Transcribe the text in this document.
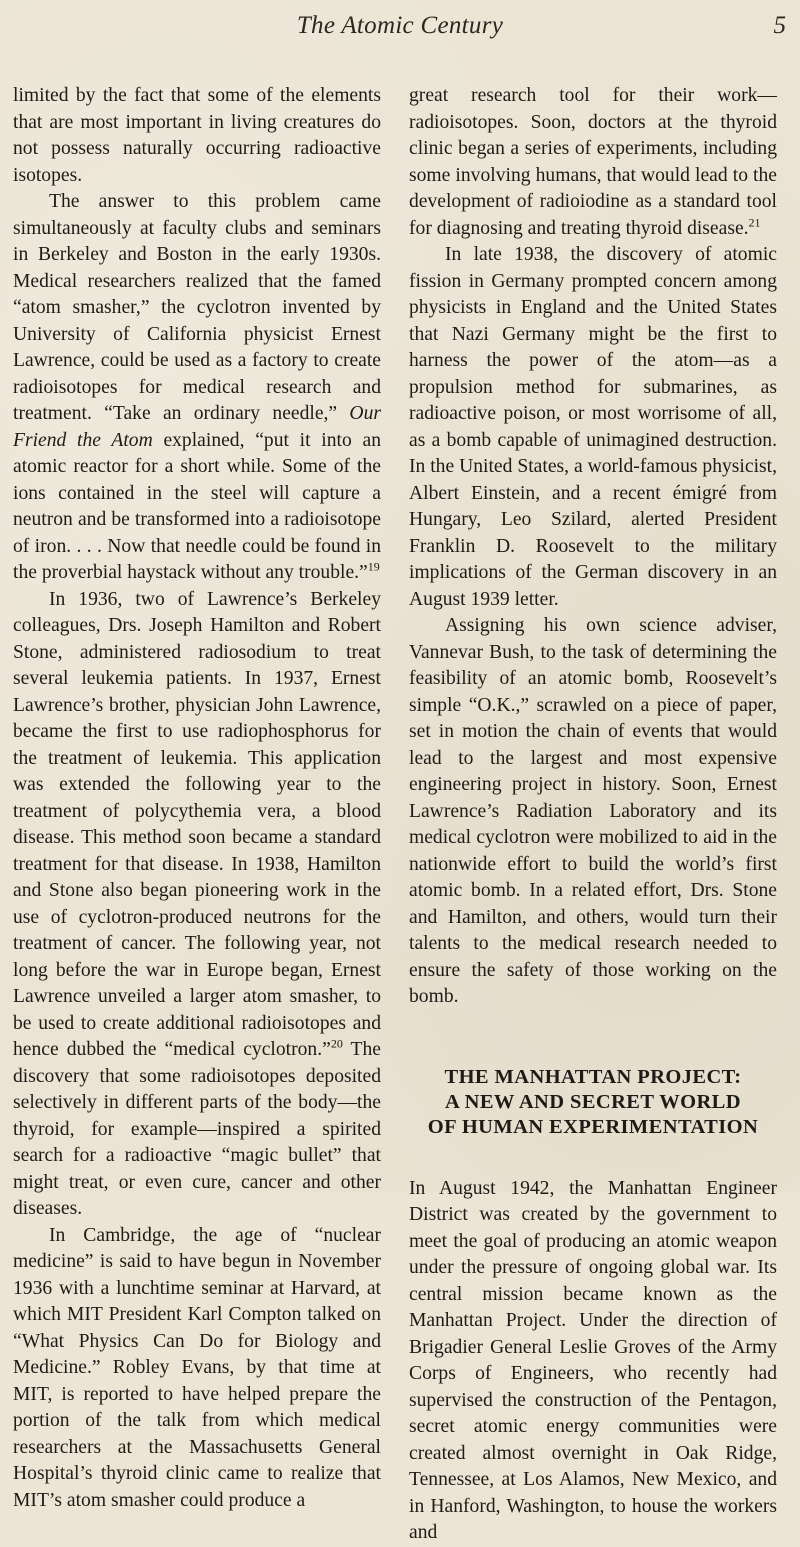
The Atomic Century	5

limited by the fact that some of the elements that are most important in living creatures do not possess naturally occurring radioactive isotopes.

The answer to this problem came simultaneously at faculty clubs and seminars in Berkeley and Boston in the early 1930s. Medical researchers realized that the famed “atom smasher,” the cyclotron invented by University of California physicist Ernest Lawrence, could be used as a factory to create radioisotopes for medical research and treatment. “Take an ordinary needle,” Our Friend the Atom explained, “put it into an atomic reactor for a short while. Some of the ions contained in the steel will capture a neutron and be transformed into a radioisotope of iron. . . . Now that needle could be found in the proverbial haystack without any trouble.”$^{19}$

In 1936, two of Lawrence’s Berkeley colleagues, Drs. Joseph Hamilton and Robert Stone, administered radiosodium to treat several leukemia patients. In 1937, Ernest Lawrence’s brother, physician John Lawrence, became the first to use radiophosphorus for the treatment of leukemia. This application was extended the following year to the treatment of polycythemia vera, a blood disease. This method soon became a standard treatment for that disease. In 1938, Hamilton and Stone also began pioneering work in the use of cyclotron-produced neutrons for the treatment of cancer. The following year, not long before the war in Europe began, Ernest Lawrence unveiled a larger atom smasher, to be used to create additional radioisotopes and hence dubbed the “medical cyclotron.”$^{20}$ The discovery that some radioisotopes deposited selectively in different parts of the body—the thyroid, for example—inspired a spirited search for a radioactive “magic bullet” that might treat, or even cure, cancer and other diseases.

In Cambridge, the age of “nuclear medicine” is said to have begun in November 1936 with a lunchtime seminar at Harvard, at which MIT President Karl Compton talked on “What Physics Can Do for Biology and Medicine.” Robley Evans, by that time at MIT, is reported to have helped prepare the portion of the talk from which medical researchers at the Massachusetts General Hospital’s thyroid clinic came to realize that MIT’s atom smasher could produce a

great research tool for their work—radioisotopes. Soon, doctors at the thyroid clinic began a series of experiments, including some involving humans, that would lead to the development of radioiodine as a standard tool for diagnosing and treating thyroid disease.$^{21}$

In late 1938, the discovery of atomic fission in Germany prompted concern among physicists in England and the United States that Nazi Germany might be the first to harness the power of the atom—as a propulsion method for submarines, as radioactive poison, or most worrisome of all, as a bomb capable of unimagined destruction. In the United States, a world-famous physicist, Albert Einstein, and a recent émigré from Hungary, Leo Szilard, alerted President Franklin D. Roosevelt to the military implications of the German discovery in an August 1939 letter.

Assigning his own science adviser, Vannevar Bush, to the task of determining the feasibility of an atomic bomb, Roosevelt’s simple “O.K.,” scrawled on a piece of paper, set in motion the chain of events that would lead to the largest and most expensive engineering project in history. Soon, Ernest Lawrence’s Radiation Laboratory and its medical cyclotron were mobilized to aid in the nationwide effort to build the world’s first atomic bomb. In a related effort, Drs. Stone and Hamilton, and others, would turn their talents to the medical research needed to ensure the safety of those working on the bomb.

THE MANHATTAN PROJECT:
A NEW AND SECRET WORLD
OF HUMAN EXPERIMENTATION

In August 1942, the Manhattan Engineer District was created by the government to meet the goal of producing an atomic weapon under the pressure of ongoing global war. Its central mission became known as the Manhattan Project. Under the direction of Brigadier General Leslie Groves of the Army Corps of Engineers, who recently had supervised the construction of the Pentagon, secret atomic energy communities were created almost overnight in Oak Ridge, Tennessee, at Los Alamos, New Mexico, and in Hanford, Washington, to house the workers and
